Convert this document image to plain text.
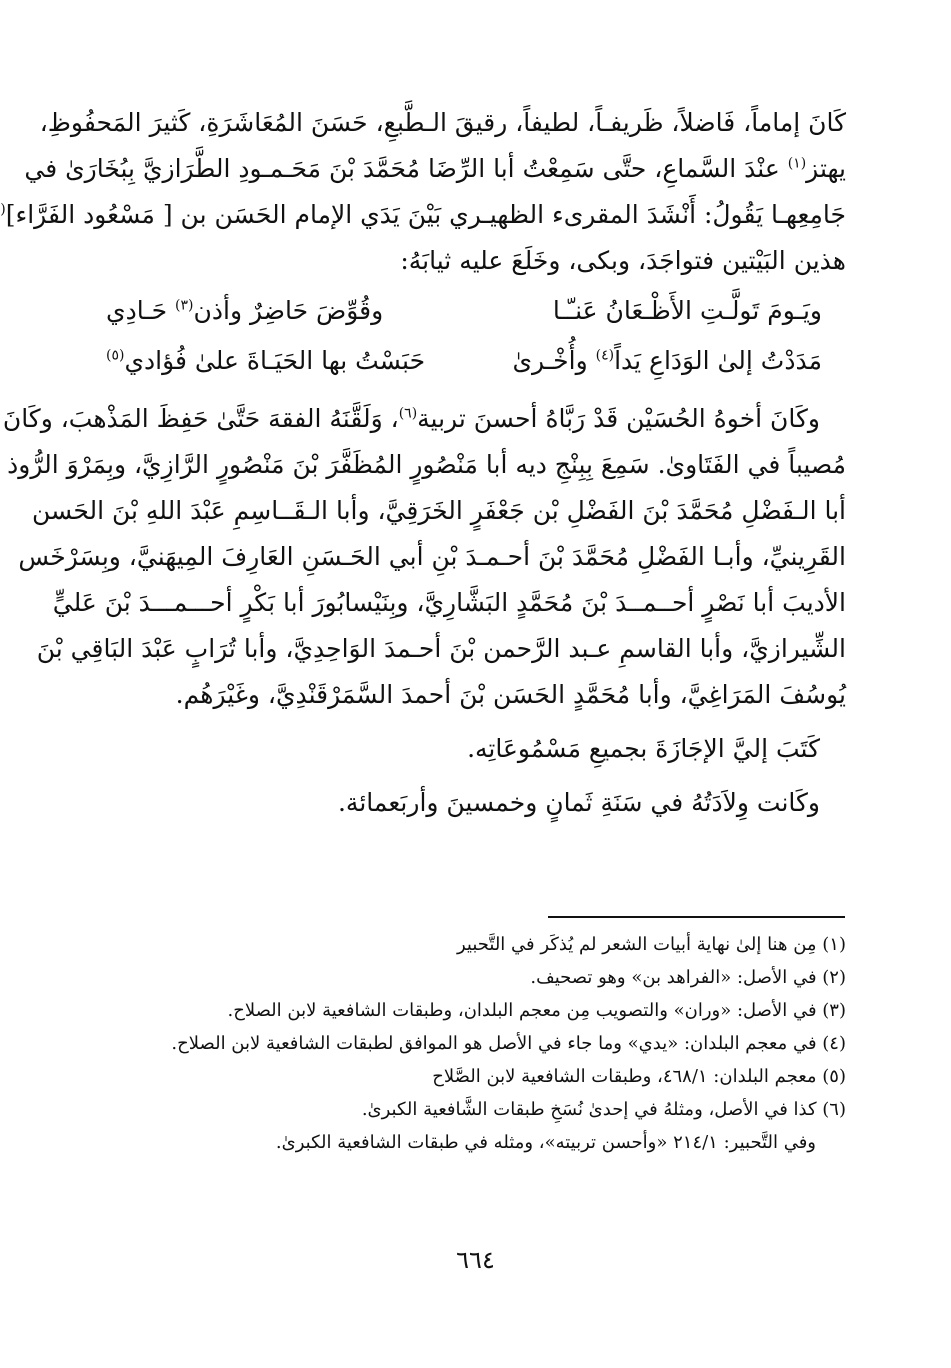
كَانَ إماماً، فَاضلاً، ظَريفـاً، لطيفاً، رقيقَ الـطَّبعِ، حَسَنَ المُعَاشَرَةِ، كَثيرَ المَحفُوظِ،
يهتز$^{(١)}$ عنْدَ السَّماعِ، حتَّى سَمِعْتُ أبا الرِّضَا مُحَمَّدَ بْنَ مَحَـمـودِ الطَّرَازيَّ بِبُخَارَىٰ في
جَامِعِهـا يَقُولُ: أَنْشَدَ المقرىء الظهيـري بَيْنَ يَدَي الإمام الحَسَن بن [ مَسْعُود الفَرَّاء](
هذين البَيْتين فتواجَدَ، وبكى، وخَلَعَ عليه ثيابَهُ:
ويَـومَ تَولَّـتِ الأَظْـعَانُ عَنـّـا
وقُوِّضَ حَاضِرٌ وأذن$^{(٣)}$ حَـادِي
مَدَدْتُ إلىٰ الوَدَاعِ يَداً$^{(٤)}$ وأُخْـرىٰ
حَبَسْتُ بها الحَيَـاةَ علىٰ فُؤادي$^{(٥)}$
وكَانَ أخوهُ الحُسَيْن قَدْ رَبَّاهُ أحسنَ تربية$^{(٦)}$، وَلَقَّنَهُ الفقهَ حَتَّىٰ حَفِظَ المَذْهبَ، وكَانَ
مُصيباً في الفَتَاوىٰ. سَمِعَ بِبِنْجِ ديه أبا مَنْصُورٍ المُظَفَّرَ بْنَ مَنْصُورٍ الرَّازِيَّ، وبِمَرْوَ الرُّوذ
أبا الـفَضْلِ مُحَمَّدَ بْنَ الفَضْلِ بْن جَعْفَرٍ الخَرَقِيَّ، وأبا الـقَــاسِمِ عَبْدَ اللهِ بْنَ الحَسن
القَرِينيِّ، وأبـا الفَضْلِ مُحَمَّدَ بْنَ أحـمـدَ بْنِ أبي الحَـسَنِ العَارِفَ المِيهَنيَّ، وبِسَرْخَس
الأديبَ أبا نَصْرٍ أحــمــدَ بْنَ مُحَمَّدٍ البَشَّارِيَّ، وبِنَيْسابُورَ أبا بَكْرٍ أحـــمـــدَ بْنَ عَليٍّ
الشِّيرازيَّ، وأبا القاسمِ عـبد الرَّحمن بْنَ أحـمدَ الوَاحِدِيَّ، وأبا تُرَابٍ عَبْدَ البَاقِي بْنَ
يُوسُفَ المَرَاغِيَّ، وأبا مُحَمَّدٍ الحَسَن بْنَ أحمدَ السَّمَرْقَنْدِيَّ، وغَيْرَهُم.
كَتَبَ إليَّ الإجَازَةَ بجميعِ مَسْمُوعَاتِه.
وكَانت وِلاَدَتُهُ في سَنَةِ ثَمانٍ وخمسينَ وأربَعمائة.
(١) مِن هنا إلىٰ نهاية أبيات الشعر لم يُذكَر في التَّحبير
(٢) في الأصل: «الفراهد بن» وهو تصحيف.
(٣) في الأصل: «وران» والتصويب مِن معجم البلدان، وطبقات الشافعية لابن الصلاح.
(٤) في معجم البلدان: «يدي» وما جاء في الأصل هو الموافق لطبقات الشافعية لابن الصلاح.
(٥) معجم البلدان: ٤٦٨/١، وطبقات الشافعية لابن الصَّلاح
(٦) كذا في الأصل، ومثلهُ في إحدىٰ نُسَخِ طبقات الشَّافعية الكبرىٰ.
وفي التَّحبير: ٢١٤/١ «وأحسن تربيته»، ومثله في طبقات الشافعية الكبرىٰ.
٦٦٤
